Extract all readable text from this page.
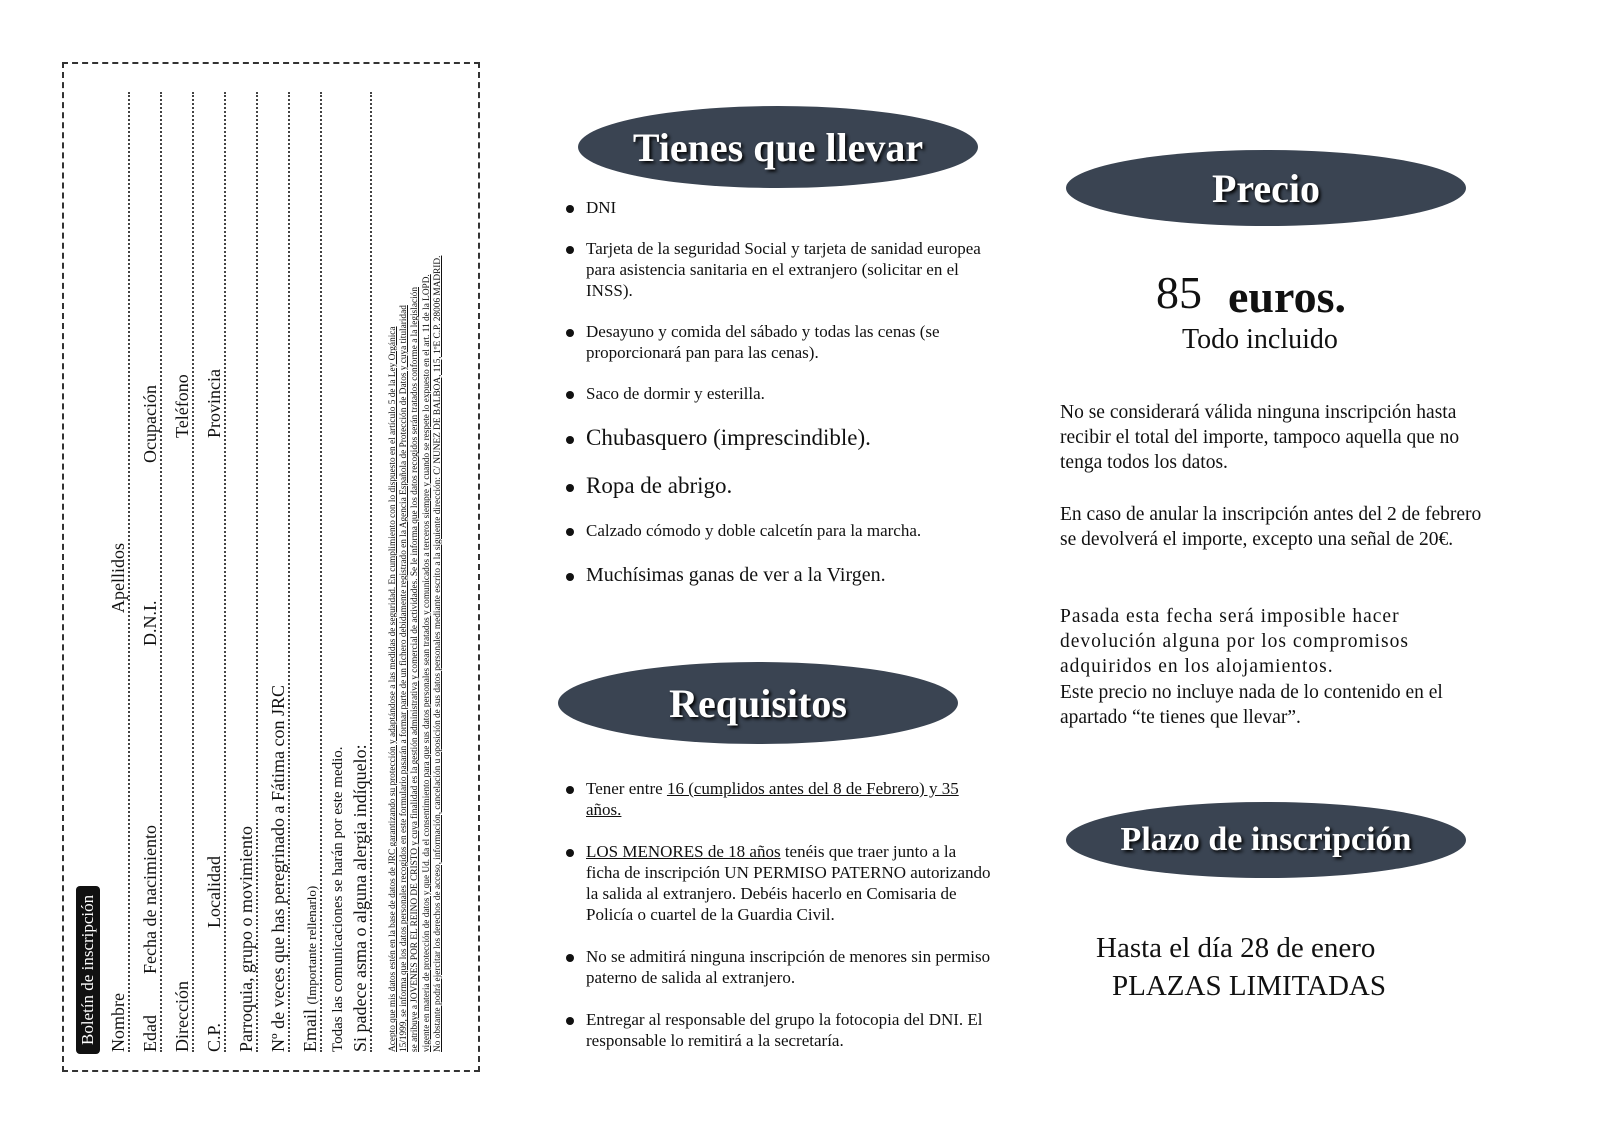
Boletín de inscripción Nombre
Apellidos
Edad
Fecha de nacimiento
D.N.I.
Ocupación
Dirección
Teléfono
C.P.
Localidad
Provincia
Parroquia, grupo o movimiento Nº de veces que has peregrinado a Fátima con JRC Email (Importante rellenarlo) Todas las comunicaciones se harán por este medio. Si padece asma o alguna alergia indíquelo: Acepto que mis datos estén en la base de datos de JRC garantizando su protección y adaptándose a las medidas de seguridad. En cumplimiento con lo dispuesto en el artículo 5 de la Ley Orgánica 15/1999, se informa que los datos personales recogidos en este formulario pasarán a formar parte de un fichero debidamente registrado en la Agencia Española de Protección de Datos y cuya titularidad se atribuye a JÓVENES POR EL REINO DE CRISTO y cuya finalidad es la gestión administrativa y comercial de actividades. Se le informa que los datos recogidos serán tratados conforme a la legislación vigente en materia de protección de datos y que Ud. da el consentimiento para que sus datos personales sean tratados y comunicados a terceros siempre y cuando se respete lo expuesto en el art. 11 de la LOPD. No obstante podrá ejercitar los derechos de acceso, información, cancelación u oposición de sus datos personales mediante escrito a la siguiente dirección: C/ NÚÑEZ DE BALBOA, 115, 1ºE C.P. 28006 MADRID.
Tienes que llevar
DNI
Tarjeta de la seguridad Social y tarjeta de sanidad europea para asistencia sanitaria en el extranjero (solicitar en el INSS).
Desayuno y comida del sábado y todas las cenas (se proporcionará pan para las cenas).
Saco de dormir y esterilla.
Chubasquero (imprescindible).
Ropa de abrigo.
Calzado cómodo y doble calcetín para la marcha.
Muchísimas ganas de ver a la Virgen.
Requisitos
Tener entre 16 (cumplidos antes del 8 de Febrero) y 35 años.
LOS MENORES de 18 años tenéis que traer junto a la ficha de inscripción UN PERMISO PATERNO autorizando la salida al extranjero. Debéis hacerlo en Comisaria de Policía o cuartel de la Guardia Civil.
No se admitirá ninguna inscripción de menores sin permiso paterno de salida al extranjero.
Entregar al responsable del grupo la fotocopia del DNI. El responsable lo remitirá a la secretaría.
Precio
85 euros.
Todo incluido
No se considerará válida ninguna inscripción hasta recibir el total del importe, tampoco aquella que no tenga todos los datos.
En caso de anular la inscripción antes del 2 de febrero se devolverá el importe, excepto una señal de 20€.
Pasada esta fecha será imposible hacer devolución alguna por los compromisos adquiridos en los alojamientos.
Este precio no incluye nada de lo contenido en el apartado “te tienes que llevar”.
Plazo de inscripción
Hasta el día 28 de enero
PLAZAS LIMITADAS
